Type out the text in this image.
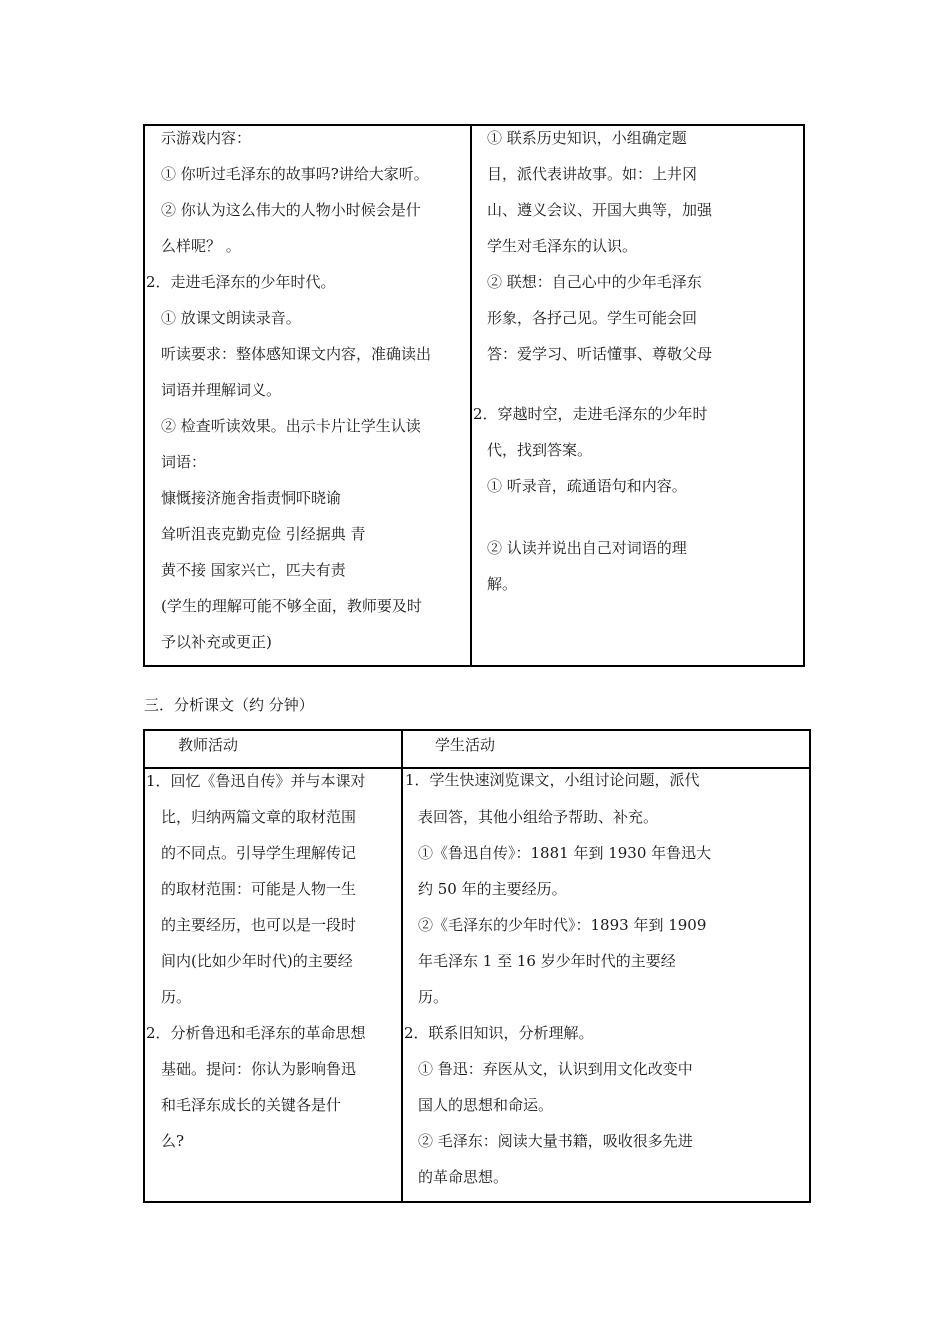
示游戏内容：
① 你听过毛泽东的故事吗?讲给大家听。
② 你认为这么伟大的人物小时候会是什
么样呢？ 。
2．走进毛泽东的少年时代。
① 放课文朗读录音。
听读要求：整体感知课文内容，准确读出
词语并理解词义。
② 检查听读效果。出示卡片让学生认读
词语：
慷慨接济施舍指责恫吓晓谕
耸听沮丧克勤克俭 引经据典 青
黄不接 国家兴亡，匹夫有责
(学生的理解可能不够全面，教师要及时
予以补充或更正)
① 联系历史知识，小组确定题
目，派代表讲故事。如：上井冈
山、遵义会议、开国大典等，加强
学生对毛泽东的认识。
② 联想：自己心中的少年毛泽东
形象，各抒己见。学生可能会回
答：爱学习、听话懂事、尊敬父母
2．穿越时空，走进毛泽东的少年时
代，找到答案。
① 听录音，疏通语句和内容。
② 认读并说出自己对词语的理
解。
三．分析课文（约 分钟）
教师活动	学生活动
1．回忆《鲁迅自传》并与本课对
比，归纳两篇文章的取材范围
的不同点。引导学生理解传记
的取材范围：可能是人物一生
的主要经历，也可以是一段时
间内(比如少年时代)的主要经
历。
2．分析鲁迅和毛泽东的革命思想
基础。提问：你认为影响鲁迅
和毛泽东成长的关键各是什
么?
1．学生快速浏览课文，小组讨论问题，派代
表回答，其他小组给予帮助、补充。
①《鲁迅自传》：1881 年到 1930 年鲁迅大
约 50 年的主要经历。
②《毛泽东的少年时代》：1893 年到 1909
年毛泽东 1 至 16 岁少年时代的主要经
历。
2．联系旧知识，分析理解。
① 鲁迅：弃医从文，认识到用文化改变中
国人的思想和命运。
② 毛泽东：阅读大量书籍，吸收很多先进
的革命思想。
